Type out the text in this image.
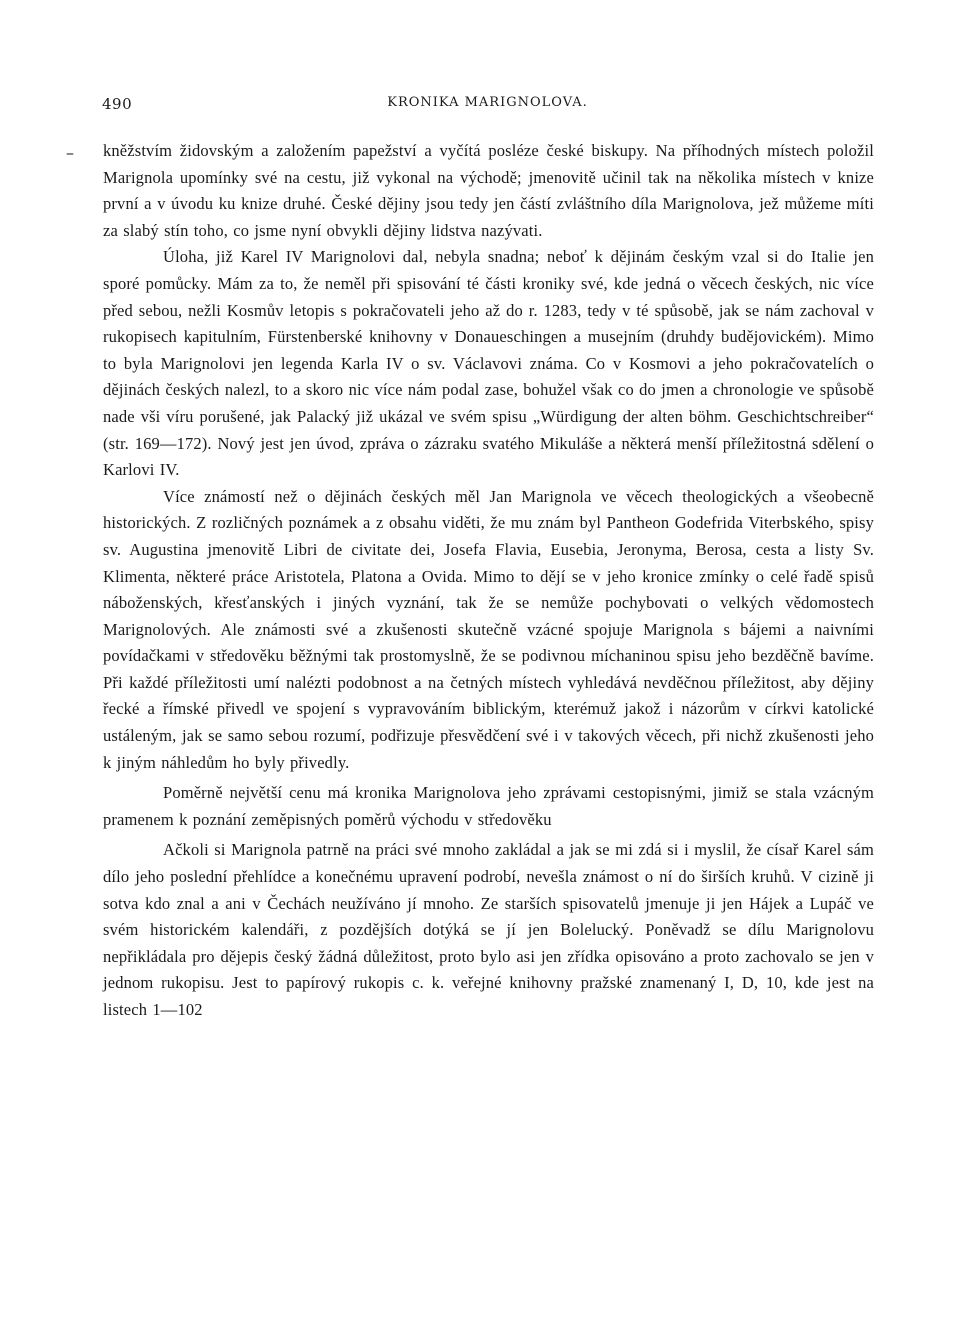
490	KRONIKA MARIGNOLOVA.
– kněžstvím židovským a založením papežství a vyčítá posléze české biskupy. Na příhodných místech položil Marignola upomínky své na cestu, již vykonal na východě; jmenovitě učinil tak na několika místech v knize první a v úvodu ku knize druhé. České dějiny jsou tedy jen částí zvláštního díla Marignolova, jež můžeme míti za slabý stín toho, co jsme nyní obvykli dějiny lidstva nazývati.

Úloha, již Karel IV Marignolovi dal, nebyla snadna; neboť k dějinám českým vzal si do Italie jen sporé pomůcky. Mám za to, že neměl při spisování té části kroniky své, kde jedná o věcech českých, nic více před sebou, nežli Kosmův letopis s pokračovateli jeho až do r. 1283, tedy v té spůsobě, jak se nám zachoval v rukopisech kapitulním, Fürstenberské knihovny v Donaueschingen a musejním (druhdy budějovickém). Mimo to byla Marignolovi jen legenda Karla IV o sv. Václavovi známa. Co v Kosmovi a jeho pokračovatelích o dějinách českých nalezl, to a skoro nic více nám podal zase, bohužel však co do jmen a chronologie ve spůsobě nade vši víru porušené, jak Palacký již ukázal ve svém spisu „Würdigung der alten böhm. Geschichtschreiber“ (str. 169—172). Nový jest jen úvod, zpráva o zázraku svatého Mikuláše a některá menší příležitostná sdělení o Karlovi IV.

Více známostí než o dějinách českých měl Jan Marignola ve věcech theologických a všeobecně historických. Z rozličných poznámek a z obsahu viděti, že mu znám byl Pantheon Godefrida Viterbského, spisy sv. Augustina jmenovitě Libri de civitate dei, Josefa Flavia, Eusebia, Jeronyma, Berosa, cesta a listy Sv. Klimenta, některé práce Aristotela, Platona a Ovida. Mimo to dějí se v jeho kronice zmínky o celé řadě spisů náboženských, křesťanských i jiných vyznání, tak že se nemůže pochybovati o velkých vědomostech Marignolových. Ale známosti své a zkušenosti skutečně vzácné spojuje Marignola s bájemi a naivními povídačkami v středověku běžnými tak prostomyslně, že se podivnou míchaninou spisu jeho bezděčně bavíme. Při každé příležitosti umí nalézti podobnost a na četných místech vyhledává nevděčnou příležitost, aby dějiny řecké a římské přivedl ve spojení s vypravováním biblickým, kterémuž jakož i názorům v církvi katolické ustáleným, jak se samo sebou rozumí, podřizuje přesvědčení své i v takových věcech, při nichž zkušenosti jeho k jiným náhledům ho byly přivedly.

Poměrně největší cenu má kronika Marignolova jeho zprávami cestopisnými, jimiž se stala vzácným pramenem k poznání zeměpisných poměrů východu v středověku

Ačkoli si Marignola patrně na práci své mnoho zakládal a jak se mi zdá si i myslil, že císař Karel sám dílo jeho poslední přehlídce a konečnému upravení podrobí, nevešla známost o ní do širších kruhů. V cizině ji sotva kdo znal a ani v Čechách neužíváno jí mnoho. Ze starších spisovatelů jmenuje ji jen Hájek a Lupáč ve svém historickém kalendáři, z pozdějších dotýká se jí jen Bolelucký. Poněvadž se dílu Marignolovu nepřikládala pro dějepis český žádná důležitost, proto bylo asi jen zřídka opisováno a proto zachovalo se jen v jednom rukopisu. Jest to papírový rukopis c. k. veřejné knihovny pražské znamenaný I, D, 10, kde jest na listech 1—102
